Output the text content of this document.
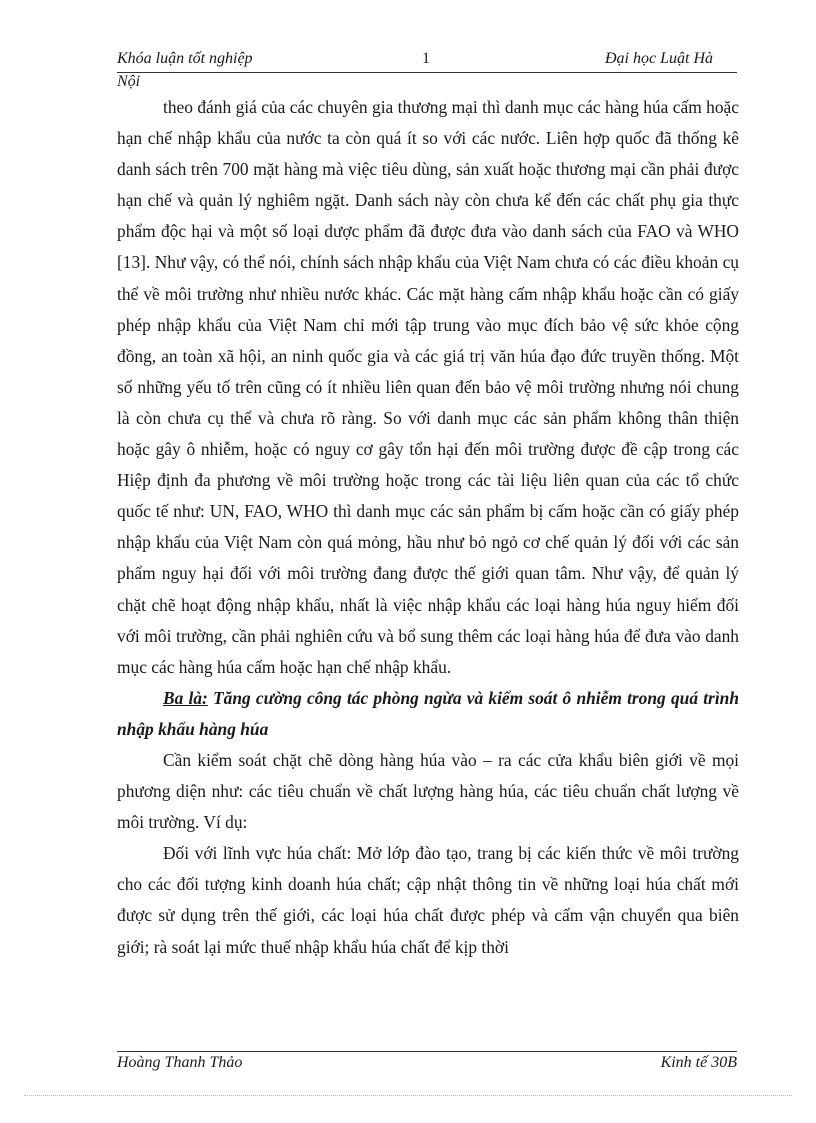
Khóa luận tốt nghiệp	1	Đại học Luật Hà
Nội

theo đánh giá của các chuyên gia thương mại thì danh mục các hàng húa cấm hoặc hạn chế nhập khẩu của nước ta còn quá ít so với các nước. Liên hợp quốc đã thống kê danh sách trên 700 mặt hàng mà việc tiêu dùng, sản xuất hoặc thương mại cần phải được hạn chế và quản lý nghiêm ngặt. Danh sách này còn chưa kể đến các chất phụ gia thực phẩm độc hại và một số loại dược phẩm đã được đưa vào danh sách của FAO và WHO [13]. Như vậy, có thể nói, chính sách nhập khẩu của Việt Nam chưa có các điều khoản cụ thể về môi trường như nhiều nước khác. Các mặt hàng cấm nhập khẩu hoặc cần có giấy phép nhập khẩu của Việt Nam chỉ mới tập trung vào mục đích bảo vệ sức khỏe cộng đồng, an toàn xã hội, an ninh quốc gia và các giá trị văn húa đạo đức truyền thống. Một số những yếu tố trên cũng có ít nhiều liên quan đến bảo vệ môi trường nhưng nói chung là còn chưa cụ thể và chưa rõ ràng. So với danh mục các sản phẩm không thân thiện hoặc gây ô nhiễm, hoặc có nguy cơ gây tổn hại đến môi trường được đề cập trong các Hiệp định đa phương về môi trường hoặc trong các tài liệu liên quan của các tổ chức quốc tế như: UN, FAO, WHO thì danh mục các sản phẩm bị cấm hoặc cần có giấy phép nhập khẩu của Việt Nam còn quá mỏng, hầu như bỏ ngỏ cơ chế quản lý đối với các sản phẩm nguy hại đối với môi trường đang được thế giới quan tâm. Như vậy, để quản lý chặt chẽ hoạt động nhập khẩu, nhất là việc nhập khẩu các loại hàng húa nguy hiểm đối với môi trường, cần phải nghiên cứu và bổ sung thêm các loại hàng húa để đưa vào danh mục các hàng húa cấm hoặc hạn chế nhập khẩu.

Ba là: Tăng cường công tác phòng ngừa và kiểm soát ô nhiễm trong quá trình nhập khẩu hàng húa

Cần kiểm soát chặt chẽ dòng hàng húa vào – ra các cửa khẩu biên giới về mọi phương diện như: các tiêu chuẩn về chất lượng hàng húa, các tiêu chuẩn chất lượng về môi trường. Ví dụ:

Đối với lĩnh vực húa chất: Mở lớp đào tạo, trang bị các kiến thức về môi trường cho các đối tượng kinh doanh húa chất; cập nhật thông tin về những loại húa chất mới được sử dụng trên thế giới, các loại húa chất được phép và cấm vận chuyển qua biên giới; rà soát lại mức thuế nhập khẩu húa chất để kịp thời

Hoàng Thanh Thảo	Kinh tế 30B
